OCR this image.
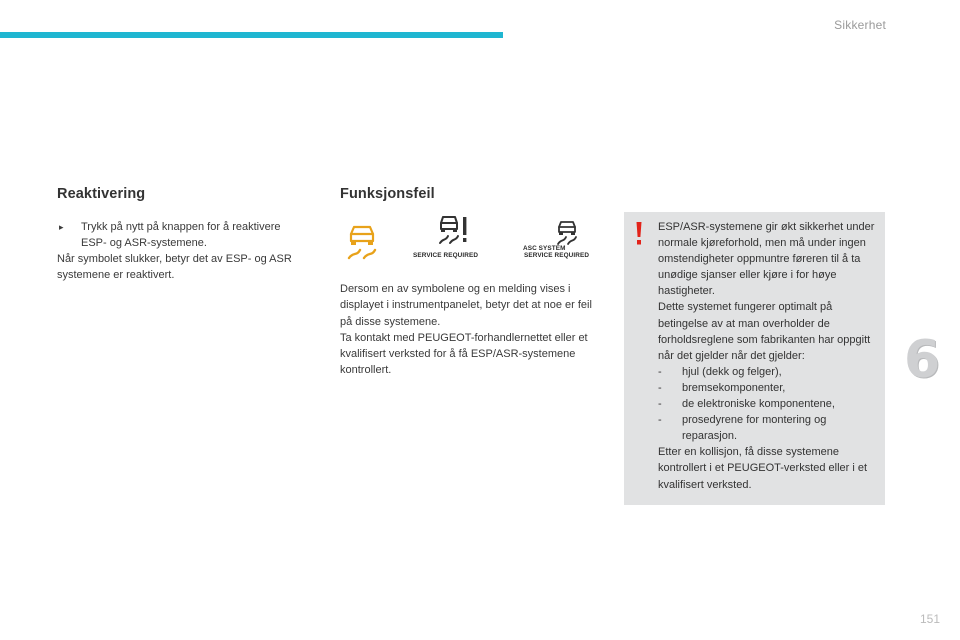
Sikkerhet
Reaktivering
▸	Trykk på nytt på knappen for å reaktivere ESP- og ASR-systemene.

Når symbolet slukker, betyr det av ESP- og ASR systemene er reaktivert.

Funksjonsfeil
SERVICE REQUIRED
ASC SYSTEM
SERVICE REQUIRED

Dersom en av symbolene og en melding vises i displayet i instrumentpanelet, betyr det at noe er feil på disse systemene.

Ta kontakt med PEUGEOT-forhandlernettet eller et kvalifisert verksted for å få ESP/ASR-systemene kontrollert.

ESP/ASR-systemene gir økt sikkerhet under normale kjøreforhold, men må under ingen omstendigheter oppmuntre føreren til å ta unødige sjanser eller kjøre i for høye hastigheter.

Dette systemet fungerer optimalt på betingelse av at man overholder de forholdsreglene som fabrikanten har oppgitt når det gjelder når det gjelder:

-	hjul (dekk og felger),
-	bremsekomponenter,
-	de elektroniske komponentene,
-	prosedyrene for montering og reparasjon.

Etter en kollisjon, få disse systemene kontrollert i et PEUGEOT-verksted eller i et kvalifisert verksted.

6
151
